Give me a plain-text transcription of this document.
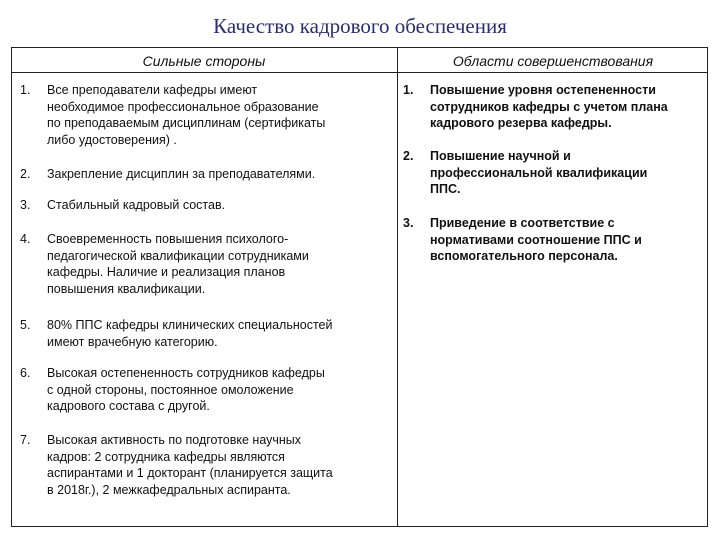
Качество кадрового обеспечения
Сильные стороны	Области совершенствования
1. Все преподаватели кафедры имеют
необходимое профессиональное образование
по преподаваемым дисциплинам (сертификаты
либо удостоверения) .
2. Закрепление дисциплин за преподавателями.
3. Стабильный кадровый состав.
4. Своевременность повышения психолого-
педагогической квалификации сотрудниками
кафедры. Наличие и реализация планов
повышения квалификации.
5. 80% ППС кафедры клинических специальностей
имеют врачебную категорию.
6. Высокая остепененность сотрудников кафедры
с одной стороны, постоянное омоложение
кадрового состава с другой.
7. Высокая активность по подготовке научных
кадров: 2 сотрудника кафедры являются
аспирантами и 1 докторант (планируется защита
в 2018г.), 2 межкафедральных аспиранта.
1. Повышение уровня остепененности
сотрудников кафедры с учетом плана
кадрового резерва кафедры.
2. Повышение научной и
профессиональной квалификации
ППС.
3. Приведение в соответствие с
нормативами соотношение ППС и
вспомогательного персонала.
